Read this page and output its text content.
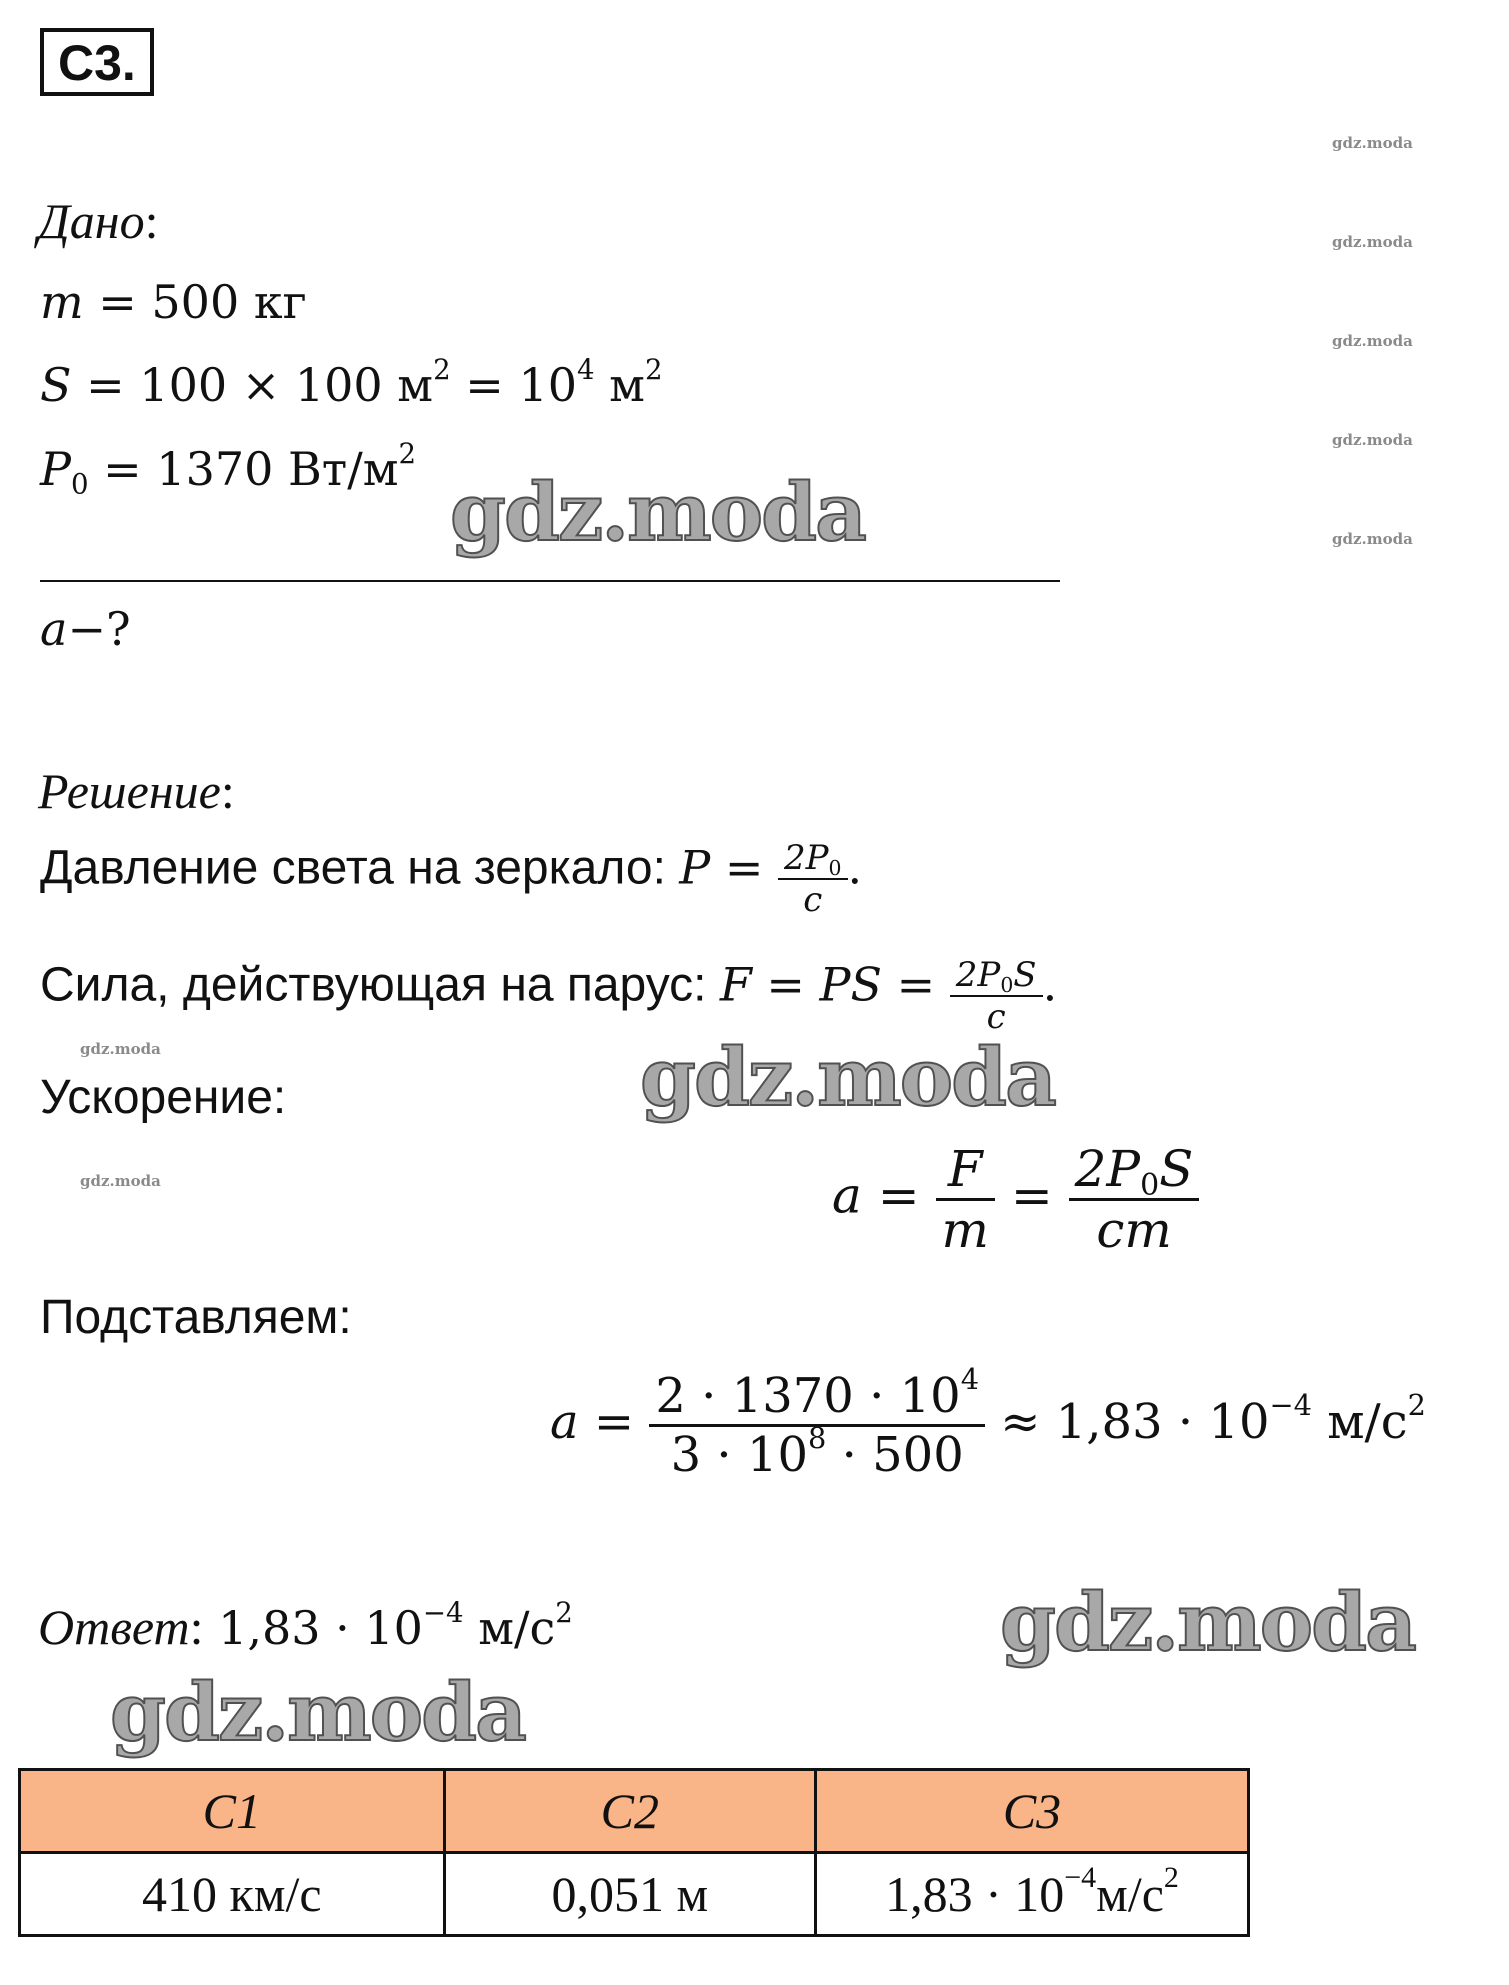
C3.
gdz.moda
gdz.moda
gdz.moda
gdz.moda
gdz.moda
Дано:
m = 500 кг
S = 100 × 100 $м^2 = 10^4$ $м^2$
$P_0 = 1370$ $Вт/м^2$
gdz.moda
a−?
Решение:
Давление света на зеркало: $P = \frac{2P_0}{c}$ .
Сила, действующая на парус: F = PS = $\frac{2P_0S}{c}$ .
gdz.moda	gdz.moda
Ускорение:
gdz.moda	$a = \frac{F}{m} = \frac{2P_0S}{cm}$
Подставляем:
$a = \frac{2 \cdot 1370 \cdot 10^4}{3 \cdot 10^8 \cdot 500} \approx 1,83 \cdot 10^{-4}$ $м/с^2$
Ответ: $1,83 \cdot 10^{-4}$ $м/с^2$	gdz.moda
gdz.moda
C1	C2	C3
410 км/с	0,051 м	$1,83 \cdot 10^{-4}м/с^2$
